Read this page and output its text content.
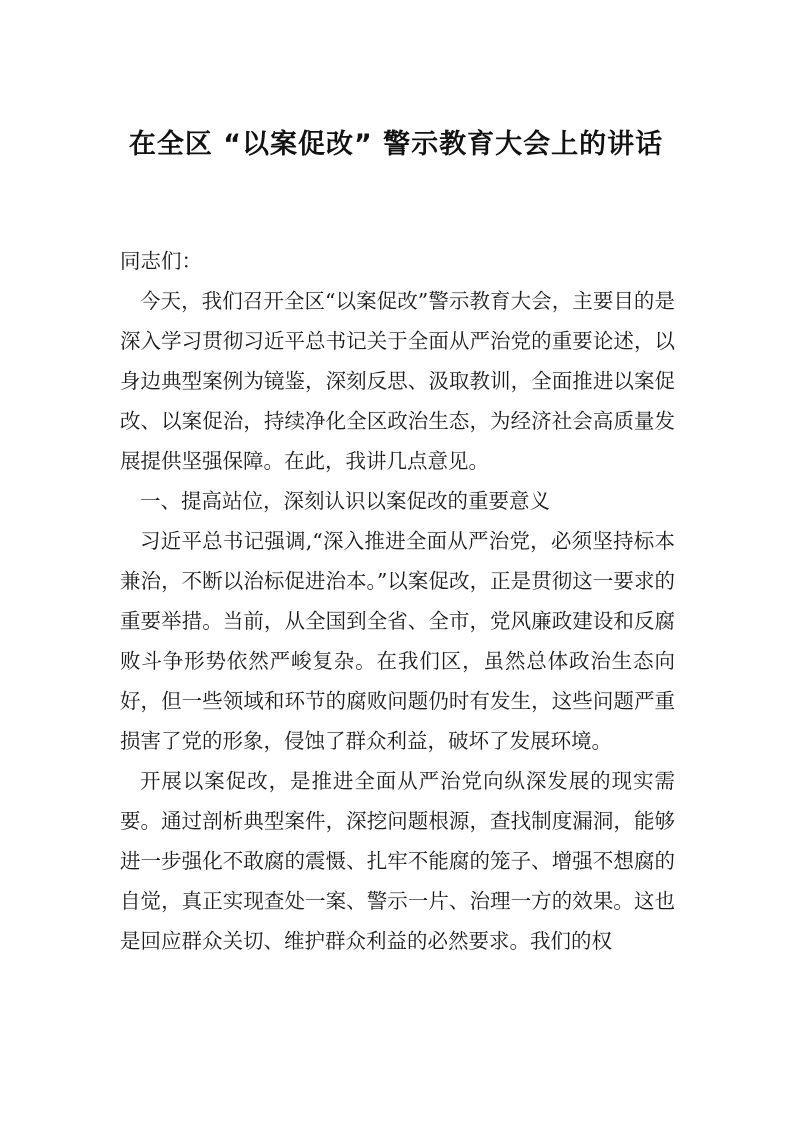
在全区 “以案促改” 警示教育大会上的讲话

同志们：

今天，我们召开全区“以案促改”警示教育大会，主要目的是深入学习贯彻习近平总书记关于全面从严治党的重要论述，以身边典型案例为镜鉴，深刻反思、汲取教训，全面推进以案促改、以案促治，持续净化全区政治生态，为经济社会高质量发展提供坚强保障。在此，我讲几点意见。

一、提高站位，深刻认识以案促改的重要意义

习近平总书记强调,“深入推进全面从严治党，必须坚持标本兼治，不断以治标促进治本。”以案促改，正是贯彻这一要求的重要举措。当前，从全国到全省、全市，党风廉政建设和反腐败斗争形势依然严峻复杂。在我们区，虽然总体政治生态向好，但一些领域和环节的腐败问题仍时有发生，这些问题严重损害了党的形象，侵蚀了群众利益，破坏了发展环境。

开展以案促改，是推进全面从严治党向纵深发展的现实需要。通过剖析典型案件，深挖问题根源，查找制度漏洞，能够进一步强化不敢腐的震慑、扎牢不能腐的笼子、增强不想腐的自觉，真正实现查处一案、警示一片、治理一方的效果。这也是回应群众关切、维护群众利益的必然要求。我们的权
